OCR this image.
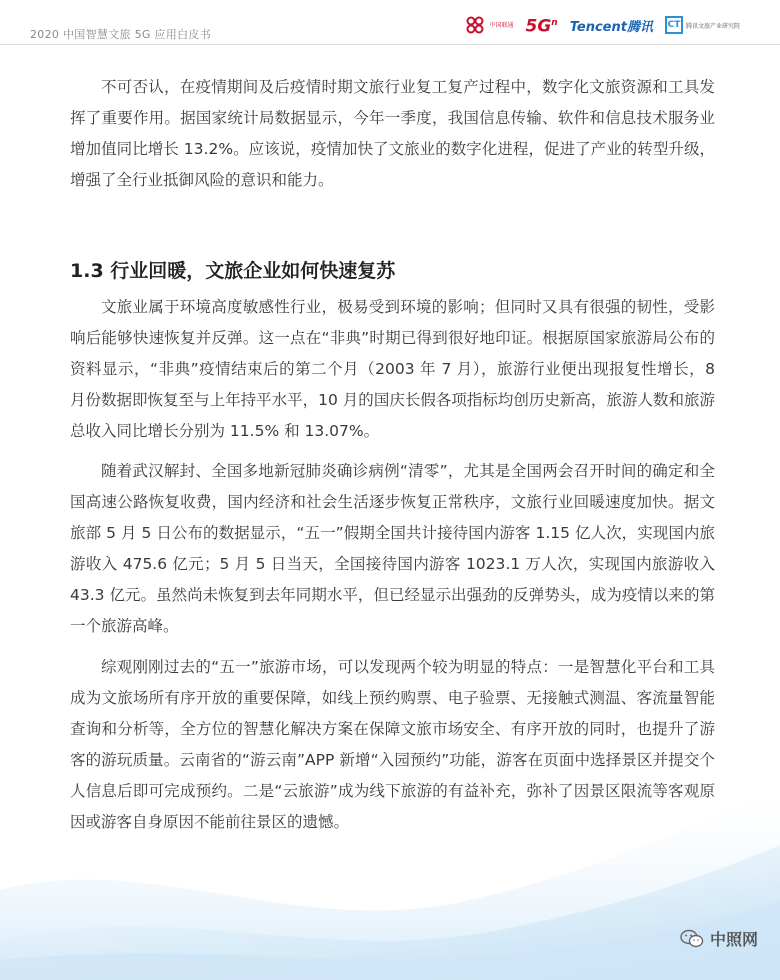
2020 中国智慧文旅 5G 应用白皮书
中国联通 $5G^n$ Tencent腾讯 CT 腾讯文旅产业研究院

不可否认，在疫情期间及后疫情时期文旅行业复工复产过程中，数字化文旅资源和工具发挥了重要作用。据国家统计局数据显示，今年一季度，我国信息传输、软件和信息技术服务业增加值同比增长 13.2%。应该说，疫情加快了文旅业的数字化进程，促进了产业的转型升级，增强了全行业抵御风险的意识和能力。

1.3 行业回暖，文旅企业如何快速复苏

文旅业属于环境高度敏感性行业，极易受到环境的影响；但同时又具有很强的韧性，受影响后能够快速恢复并反弹。这一点在“非典”时期已得到很好地印证。根据原国家旅游局公布的资料显示，“非典”疫情结束后的第二个月（2003 年 7 月），旅游行业便出现报复性增长，8 月份数据即恢复至与上年持平水平，10 月的国庆长假各项指标均创历史新高，旅游人数和旅游总收入同比增长分别为 11.5% 和 13.07%。

随着武汉解封、全国多地新冠肺炎确诊病例“清零”，尤其是全国两会召开时间的确定和全国高速公路恢复收费，国内经济和社会生活逐步恢复正常秩序，文旅行业回暖速度加快。据文旅部 5 月 5 日公布的数据显示，“五一”假期全国共计接待国内游客 1.15 亿人次，实现国内旅游收入 475.6 亿元；5 月 5 日当天，全国接待国内游客 1023.1 万人次，实现国内旅游收入 43.3 亿元。虽然尚未恢复到去年同期水平，但已经显示出强劲的反弹势头，成为疫情以来的第一个旅游高峰。

综观刚刚过去的“五一”旅游市场，可以发现两个较为明显的特点：一是智慧化平台和工具成为文旅场所有序开放的重要保障，如线上预约购票、电子验票、无接触式测温、客流量智能查询和分析等，全方位的智慧化解决方案在保障文旅市场安全、有序开放的同时，也提升了游客的游玩质量。云南省的“游云南”APP 新增“入园预约”功能，游客在页面中选择景区并提交个人信息后即可完成预约。二是“云旅游”成为线下旅游的有益补充，弥补了因景区限流等客观原因或游客自身原因不能前往景区的遗憾。

中照网
